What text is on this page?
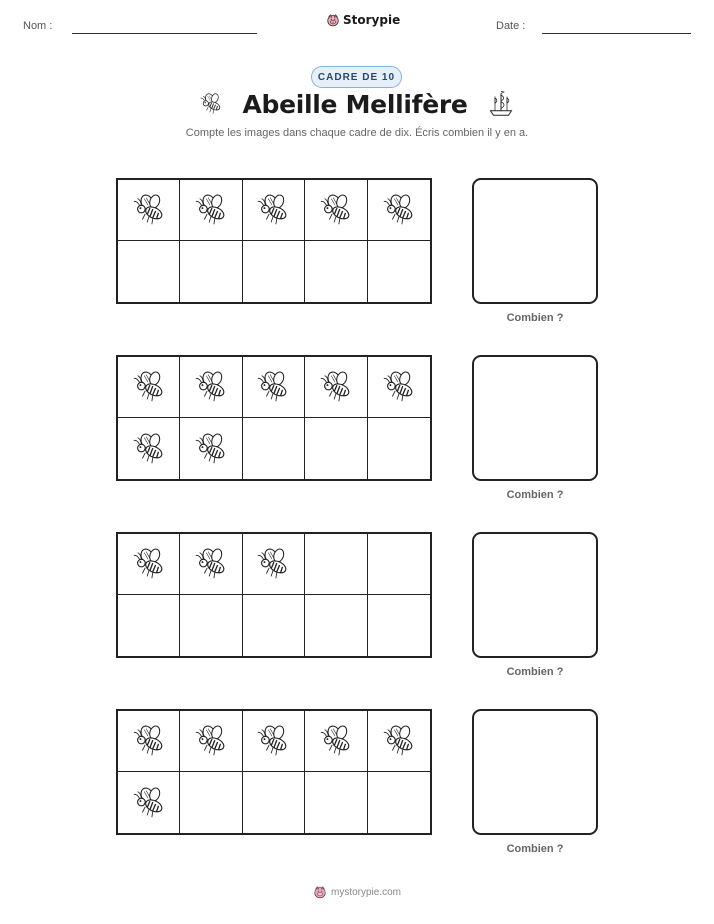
Nom :	Storypie	Date :
CADRE DE 10
Abeille Mellifère
Compte les images dans chaque cadre de dix. Écris combien il y en a.
Combien ?
Combien ?
Combien ?
Combien ?
mystorypie.com
